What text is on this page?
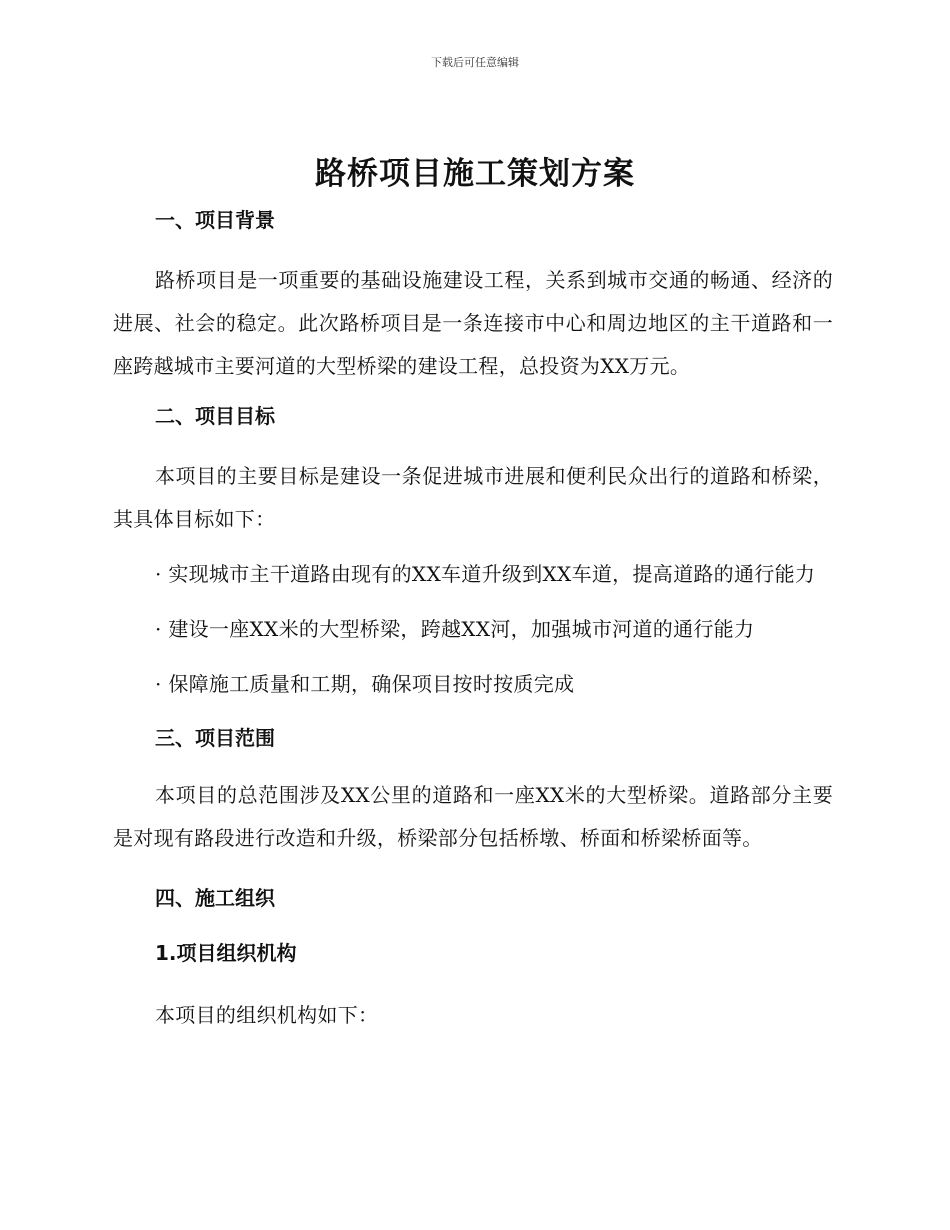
下载后可任意编辑
路桥项目施工策划方案
一、项目背景

路桥项目是一项重要的基础设施建设工程，关系到城市交通的畅通、经济的进展、社会的稳定。此次路桥项目是一条连接市中心和周边地区的主干道路和一座跨越城市主要河道的大型桥梁的建设工程，总投资为XX万元。

二、项目目标

本项目的主要目标是建设一条促进城市进展和便利民众出行的道路和桥梁，其具体目标如下：

· 实现城市主干道路由现有的XX车道升级到XX车道，提高道路的通行能力

· 建设一座XX米的大型桥梁，跨越XX河，加强城市河道的通行能力

· 保障施工质量和工期，确保项目按时按质完成

三、项目范围

本项目的总范围涉及XX公里的道路和一座XX米的大型桥梁。道路部分主要是对现有路段进行改造和升级，桥梁部分包括桥墩、桥面和桥梁桥面等。

四、施工组织
1.项目组织机构

本项目的组织机构如下：
